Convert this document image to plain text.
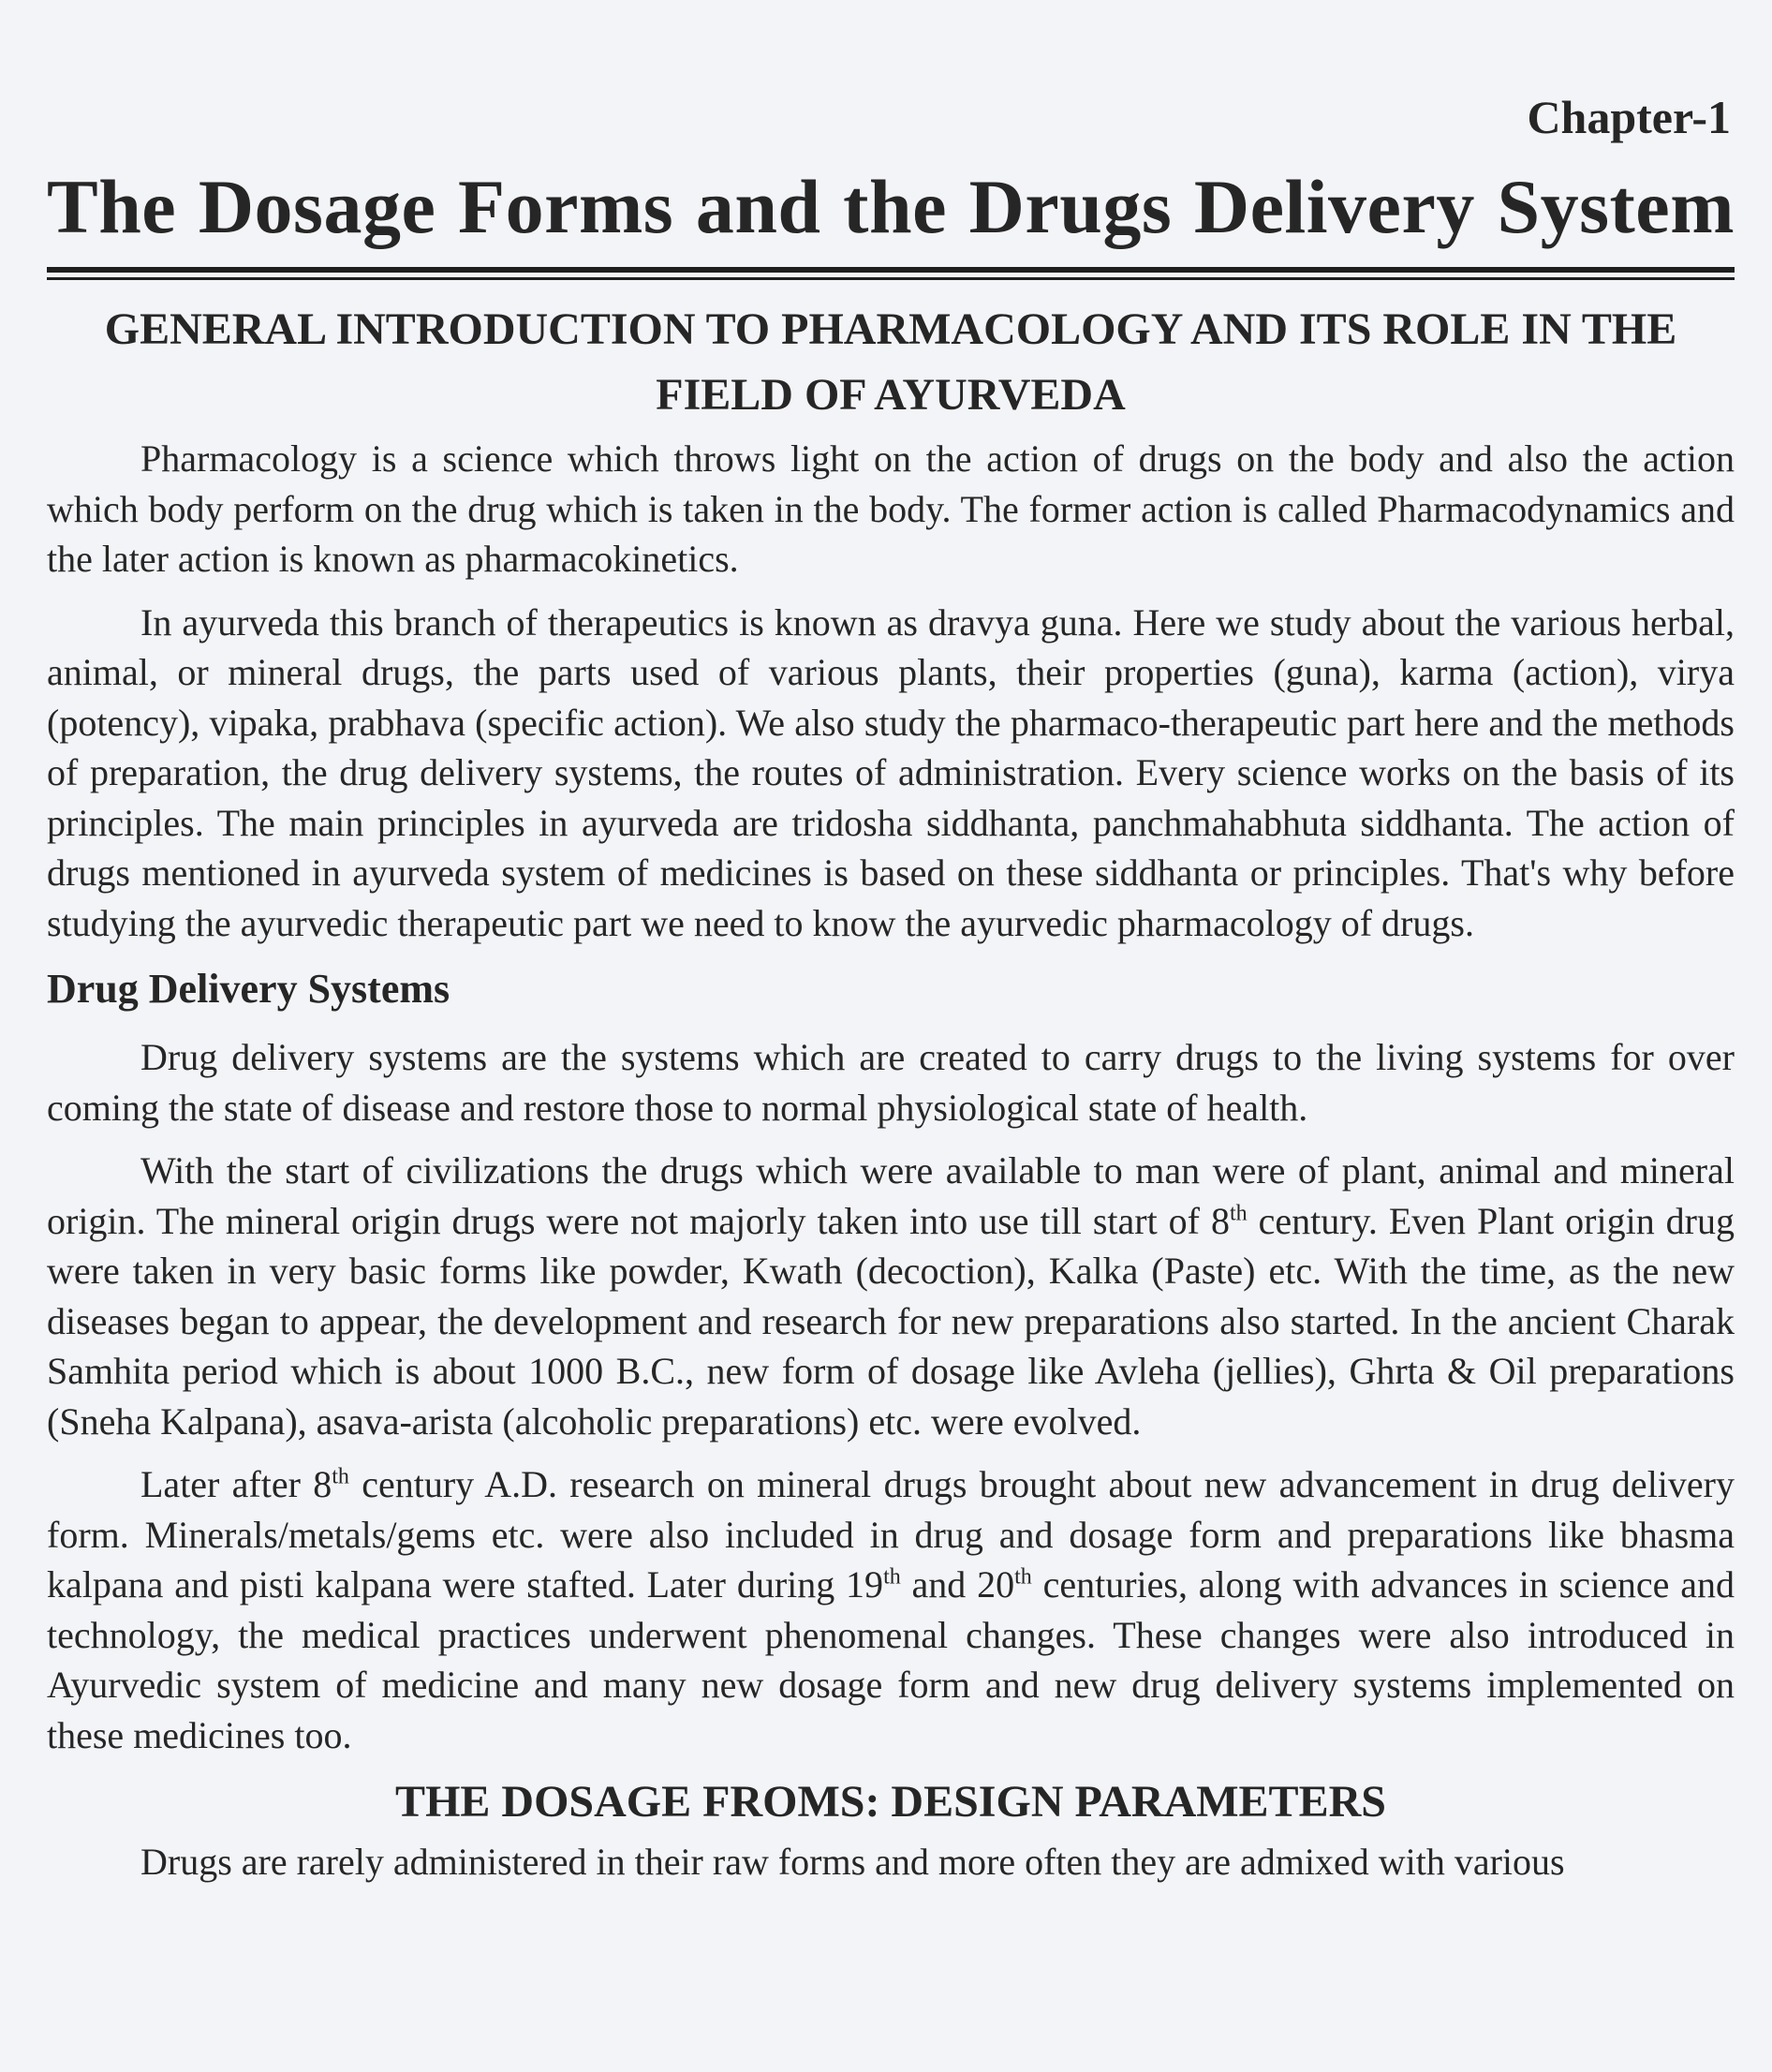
Chapter-1
The Dosage Forms and the Drugs Delivery System
GENERAL INTRODUCTION TO PHARMACOLOGY AND ITS ROLE IN THE FIELD OF AYURVEDA

Pharmacology is a science which throws light on the action of drugs on the body and also the action which body perform on the drug which is taken in the body. The former action is called Pharmacodynamics and the later action is known as pharmacokinetics.

In ayurveda this branch of therapeutics is known as dravya guna. Here we study about the various herbal, animal, or mineral drugs, the parts used of various plants, their properties (guna), karma (action), virya (potency), vipaka, prabhava (specific action). We also study the pharmaco-therapeutic part here and the methods of preparation, the drug delivery systems, the routes of administration. Every science works on the basis of its principles. The main principles in ayurveda are tridosha siddhanta, panchmahabhuta siddhanta. The action of drugs mentioned in ayurveda system of medicines is based on these siddhanta or principles. That's why before studying the ayurvedic therapeutic part we need to know the ayurvedic pharmacology of drugs.

Drug Delivery Systems

Drug delivery systems are the systems which are created to carry drugs to the living systems for over coming the state of disease and restore those to normal physiological state of health.

With the start of civilizations the drugs which were available to man were of plant, animal and mineral origin. The mineral origin drugs were not majorly taken into use till start of 8th century. Even Plant origin drug were taken in very basic forms like powder, Kwath (decoction), Kalka (Paste) etc. With the time, as the new diseases began to appear, the development and research for new preparations also started. In the ancient Charak Samhita period which is about 1000 B.C., new form of dosage like Avleha (jellies), Ghrta & Oil preparations (Sneha Kalpana), asava-arista (alcoholic preparations) etc. were evolved.

Later after 8th century A.D. research on mineral drugs brought about new advancement in drug delivery form. Minerals/metals/gems etc. were also included in drug and dosage form and preparations like bhasma kalpana and pisti kalpana were stafted. Later during 19th and 20th centuries, along with advances in science and technology, the medical practices underwent phenomenal changes. These changes were also introduced in Ayurvedic system of medicine and many new dosage form and new drug delivery systems implemented on these medicines too.

THE DOSAGE FROMS: DESIGN PARAMETERS

Drugs are rarely administered in their raw forms and more often they are admixed with various
